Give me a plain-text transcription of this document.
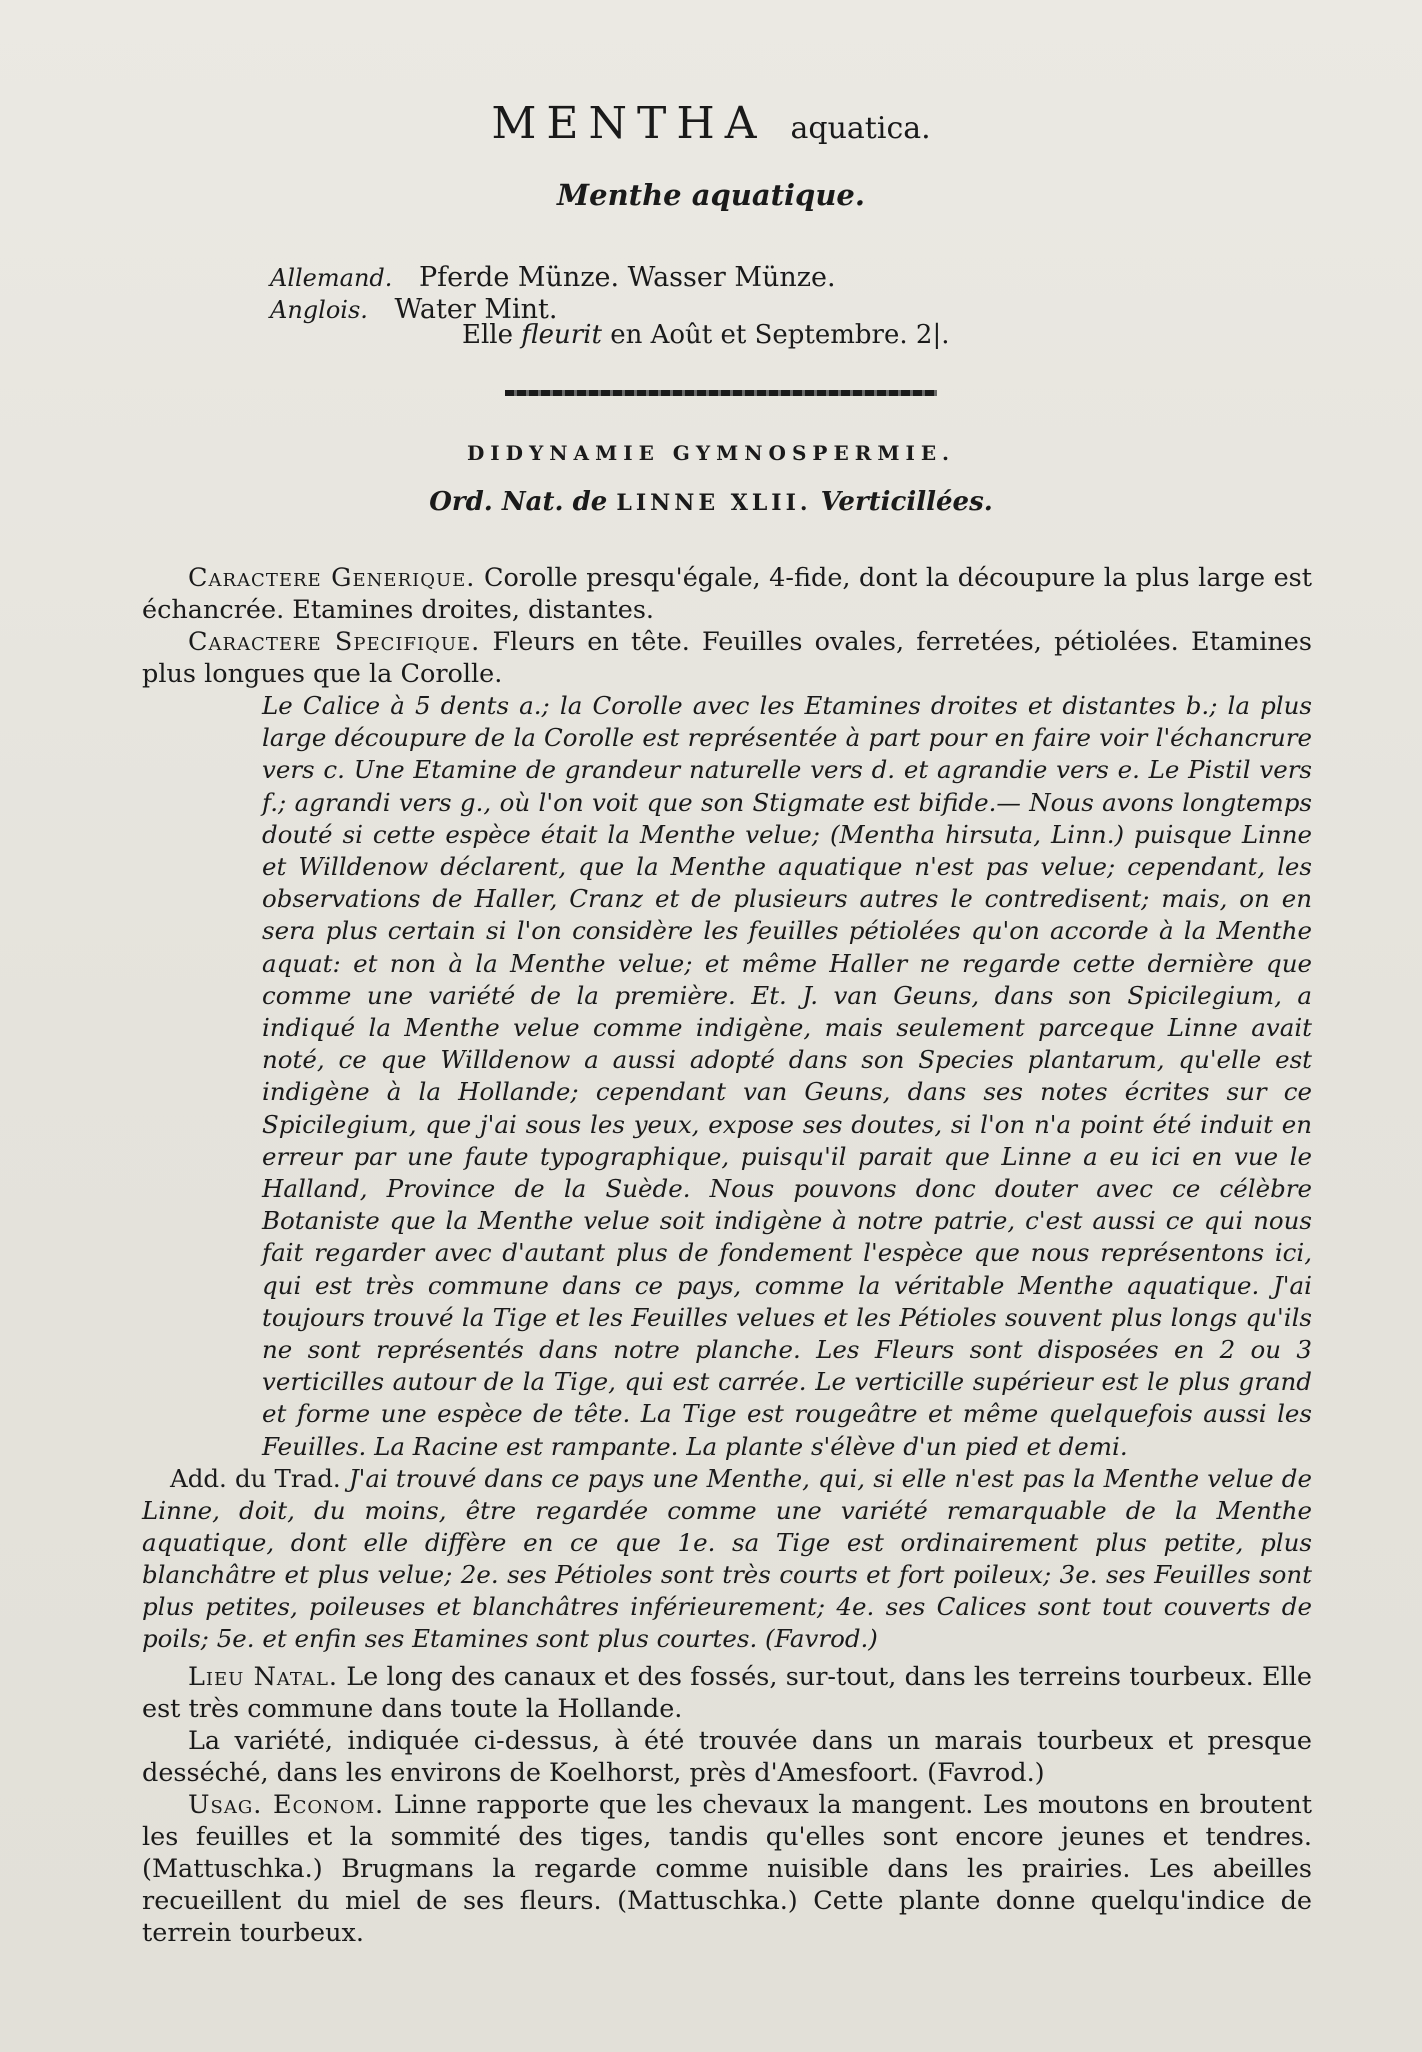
MENTHA aquatica.
Menthe aquatique.
Allemand. Pferde Münze. Wasser Münze.
Anglois. Water Mint.
Elle fleurit en Août et Septembre. 2|.
DIDYNAMIE GYMNOSPERMIE.
Ord. Nat. de LINNE XLII. Verticillées.

Caractere Generique. Corolle presqu'égale, 4-fide, dont la découpure la plus large est échancrée. Etamines droites, distantes.

Caractere Specifique. Fleurs en tête. Feuilles ovales, ferretées, pétiolées. Etamines plus longues que la Corolle.

Le Calice à 5 dents a.; la Corolle avec les Etamines droites et distantes b.; la plus large découpure de la Corolle est représentée à part pour en faire voir l'échancrure vers c. Une Etamine de grandeur naturelle vers d. et agrandie vers e. Le Pistil vers f.; agrandi vers g., où l'on voit que son Stigmate est bifide.— Nous avons longtemps douté si cette espèce était la Menthe velue; (Mentha hirsuta, Linn.) puisque Linne et Willdenow déclarent, que la Menthe aquatique n'est pas velue; cependant, les observations de Haller, Cranz et de plusieurs autres le contredisent; mais, on en sera plus certain si l'on considère les feuilles pétiolées qu'on accorde à la Menthe aquat: et non à la Menthe velue; et même Haller ne regarde cette dernière que comme une variété de la première. Et. J. van Geuns, dans son Spicilegium, a indiqué la Menthe velue comme indigène, mais seulement parceque Linne avait noté, ce que Willdenow a aussi adopté dans son Species plantarum, qu'elle est indigène à la Hollande; cependant van Geuns, dans ses notes écrites sur ce Spicilegium, que j'ai sous les yeux, expose ses doutes, si l'on n'a point été induit en erreur par une faute typographique, puisqu'il parait que Linne a eu ici en vue le Halland, Province de la Suède. Nous pouvons donc douter avec ce célèbre Botaniste que la Menthe velue soit indigène à notre patrie, c'est aussi ce qui nous fait regarder avec d'autant plus de fondement l'espèce que nous représentons ici, qui est très commune dans ce pays, comme la véritable Menthe aquatique. J'ai toujours trouvé la Tige et les Feuilles velues et les Pétioles souvent plus longs qu'ils ne sont représentés dans notre planche. Les Fleurs sont disposées en 2 ou 3 verticilles autour de la Tige, qui est carrée. Le verticille supérieur est le plus grand et forme une espèce de tête. La Tige est rougeâtre et même quelquefois aussi les Feuilles. La Racine est rampante. La plante s'élève d'un pied et demi.

Add. du Trad. J'ai trouvé dans ce pays une Menthe, qui, si elle n'est pas la Menthe velue de Linne, doit, du moins, être regardée comme une variété remarquable de la Menthe aquatique, dont elle diffère en ce que 1e. sa Tige est ordinairement plus petite, plus blanchâtre et plus velue; 2e. ses Pétioles sont très courts et fort poileux; 3e. ses Feuilles sont plus petites, poileuses et blanchâtres inférieurement; 4e. ses Calices sont tout couverts de poils; 5e. et enfin ses Etamines sont plus courtes. (Favrod.)

Lieu Natal. Le long des canaux et des fossés, sur-tout, dans les terreins tourbeux. Elle est très commune dans toute la Hollande.

La variété, indiquée ci-dessus, à été trouvée dans un marais tourbeux et presque desséché, dans les environs de Koelhorst, près d'Amesfoort. (Favrod.)

Usag. Econom. Linne rapporte que les chevaux la mangent. Les moutons en broutent les feuilles et la sommité des tiges, tandis qu'elles sont encore jeunes et tendres. (Mattuschka.) Brugmans la regarde comme nuisible dans les prairies. Les abeilles recueillent du miel de ses fleurs. (Mattuschka.) Cette plante donne quelqu'indice de terrein tourbeux.
